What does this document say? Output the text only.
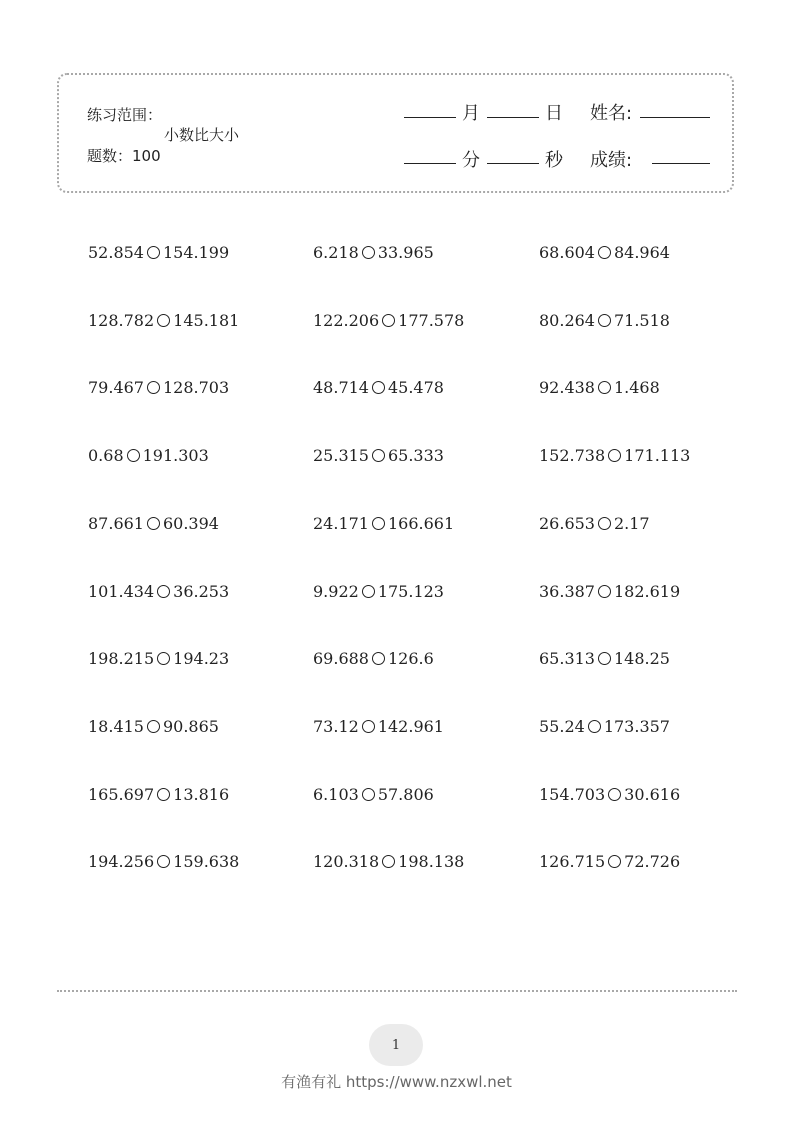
练习范围：
小数比大小
题数：100
月	日 姓名:
分	秒 成绩:
52.854 154.199	6.218 33.965	68.604 84.964
128.782 145.181	122.206 177.578	80.264 71.518
79.467 128.703	48.714 45.478	92.438 1.468
0.68 191.303	25.315 65.333	152.738 171.113
87.661 60.394	24.171 166.661	26.653 2.17
101.434 36.253	9.922 175.123	36.387 182.619
198.215 194.23	69.688 126.6	65.313 148.25
18.415 90.865	73.12 142.961	55.24 173.357
165.697 13.816	6.103 57.806	154.703 30.616
194.256 159.638	120.318 198.138	126.715 72.726
1
有渔有礼 https://www.nzxwl.net
